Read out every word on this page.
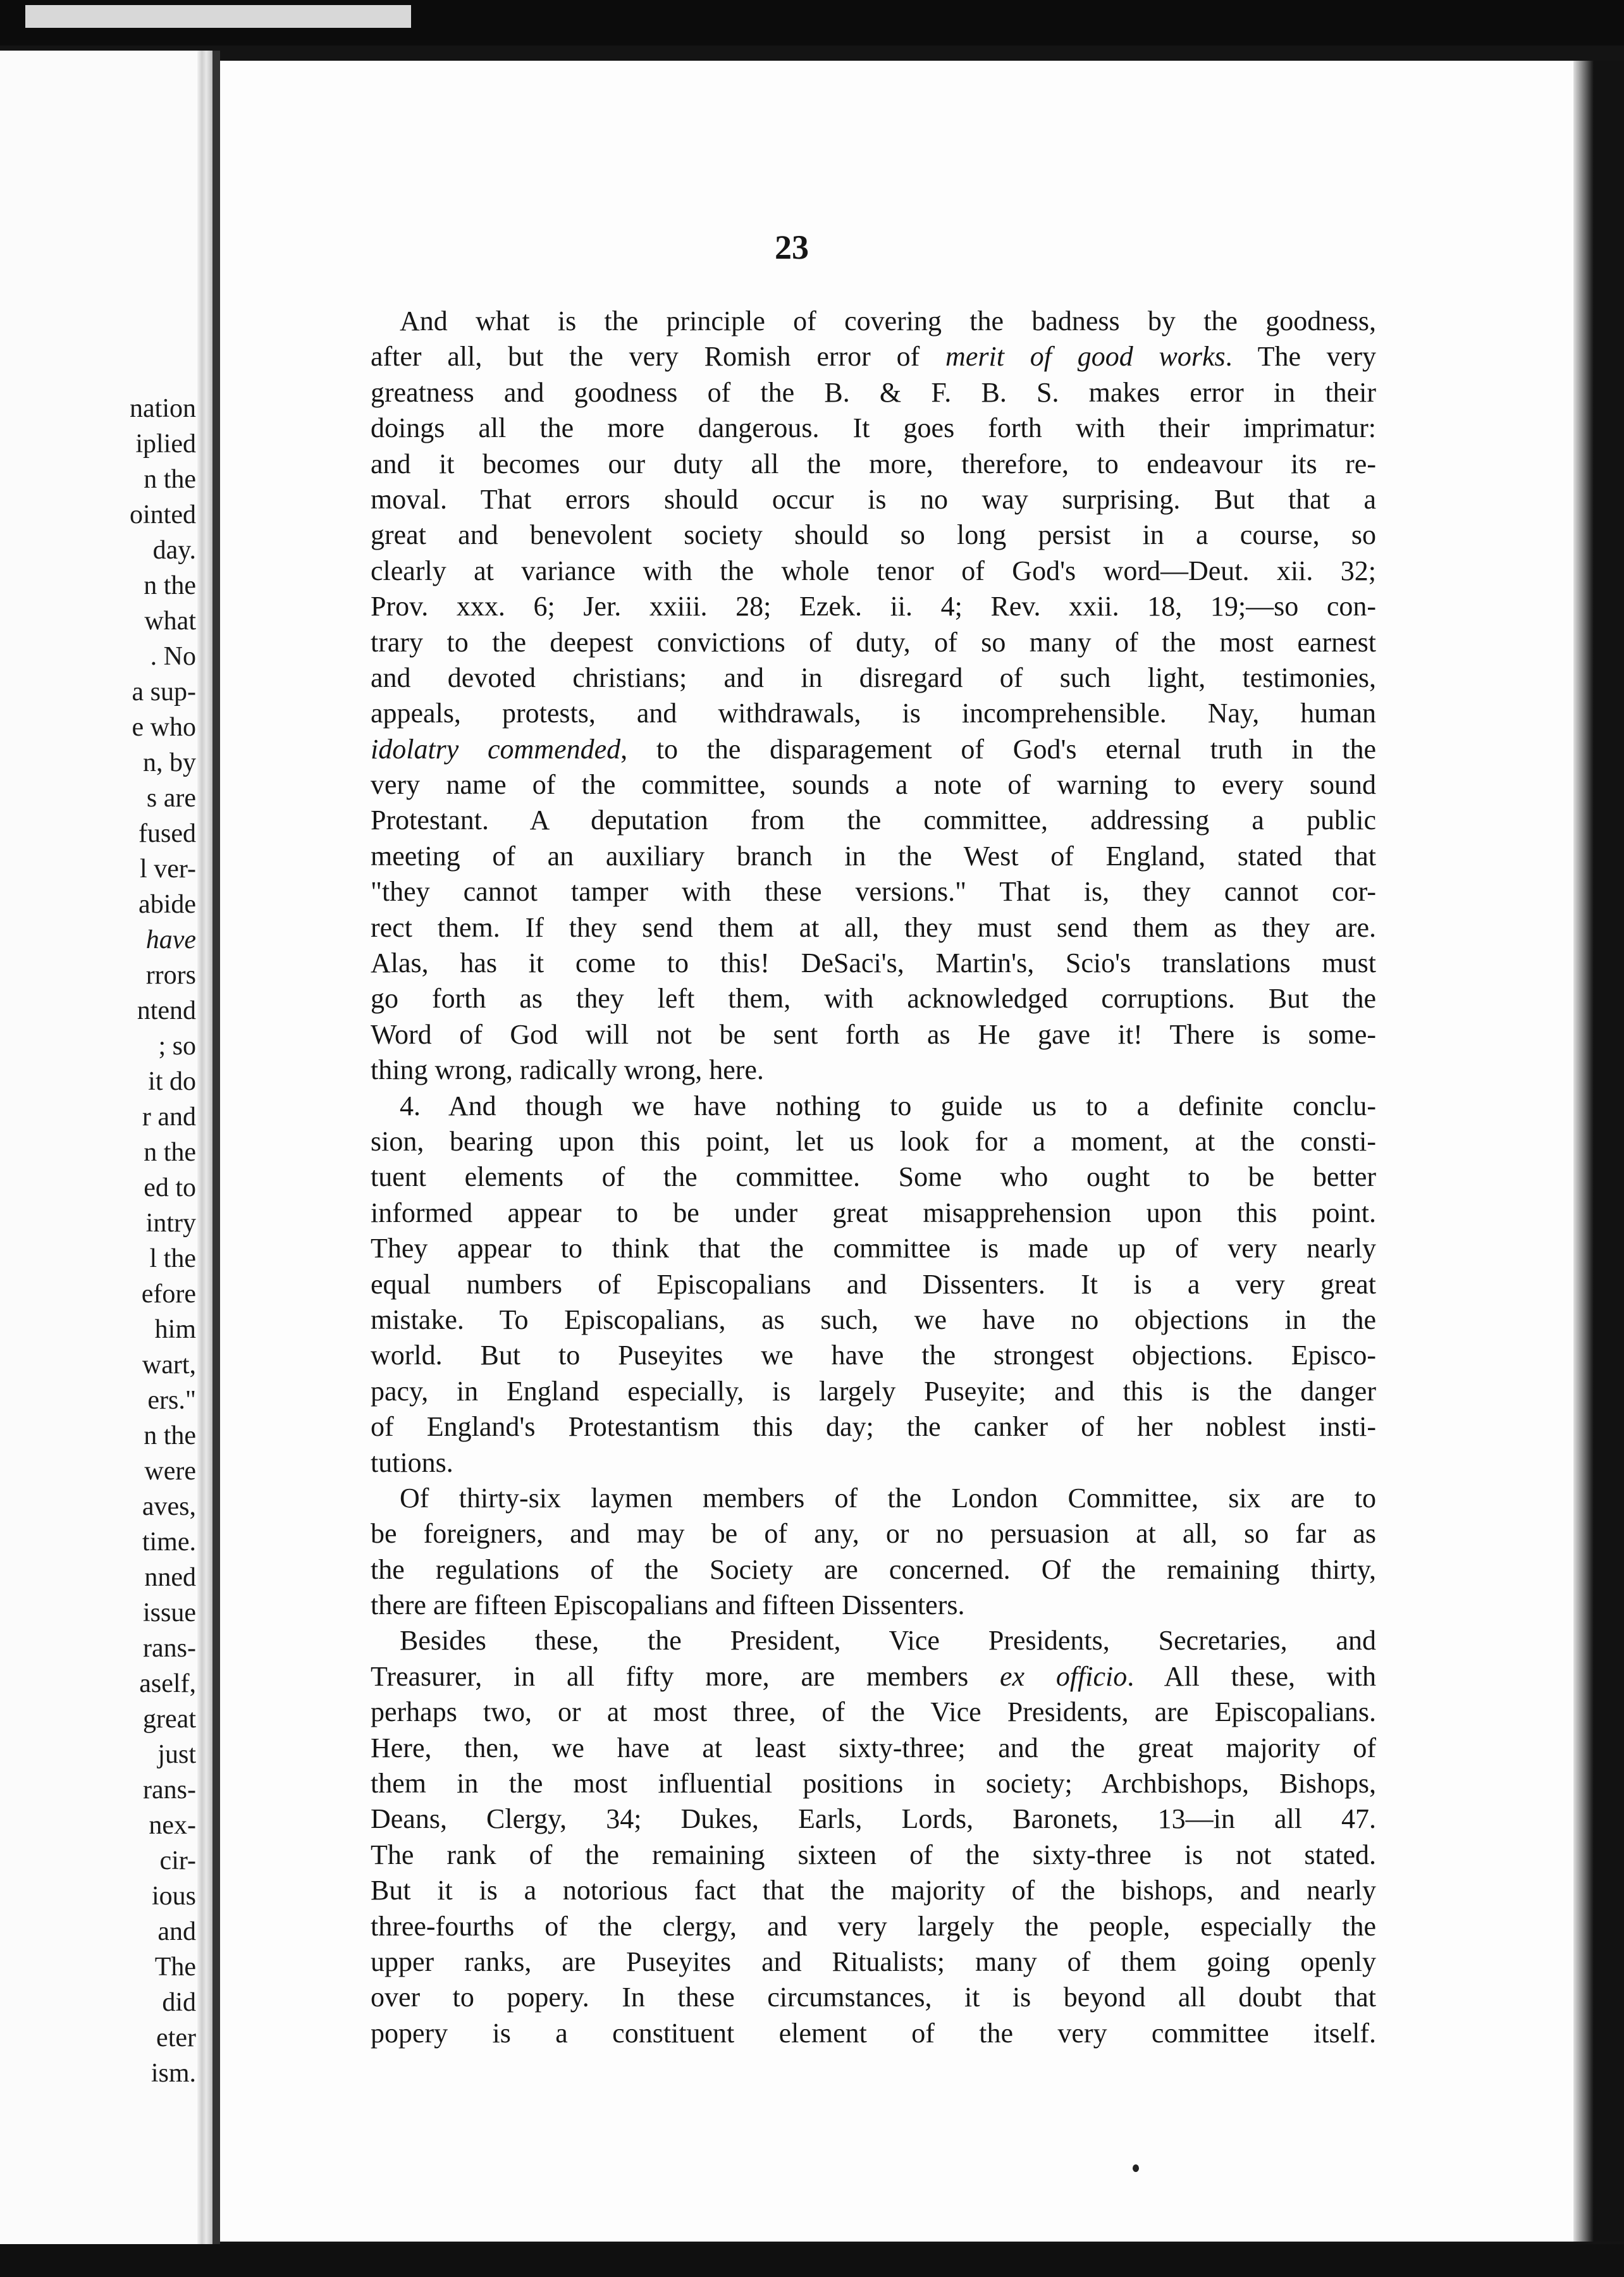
nation
iplied
n the
ointed
day.
n the
what
. No
a sup-
e who
n, by
s are
fused
l ver-
abide
have
rrors
ntend
; so
it do
r and
n the
ed to
intry
l the
efore
him
wart,
ers."
n the
were
aves,
time.
nned
issue
rans-
aself,
great
just
rans-
nex-
cir-
ious
and
The
did
eter
ism.
23
And what is the principle of covering the badness by the goodness,
after all, but the very Romish error of merit of good works. The very
greatness and goodness of the B. & F. B. S. makes error in their
doings all the more dangerous. It goes forth with their imprimatur:
and it becomes our duty all the more, therefore, to endeavour its re-
moval. That errors should occur is no way surprising. But that a
great and benevolent society should so long persist in a course, so
clearly at variance with the whole tenor of God's word—Deut. xii. 32;
Prov. xxx. 6; Jer. xxiii. 28; Ezek. ii. 4; Rev. xxii. 18, 19;—so con-
trary to the deepest convictions of duty, of so many of the most earnest
and devoted christians; and in disregard of such light, testimonies,
appeals, protests, and withdrawals, is incomprehensible. Nay, human
idolatry commended, to the disparagement of God's eternal truth in the
very name of the committee, sounds a note of warning to every sound
Protestant. A deputation from the committee, addressing a public
meeting of an auxiliary branch in the West of England, stated that
"they cannot tamper with these versions." That is, they cannot cor-
rect them. If they send them at all, they must send them as they are.
Alas, has it come to this! DeSaci's, Martin's, Scio's translations must
go forth as they left them, with acknowledged corruptions. But the
Word of God will not be sent forth as He gave it! There is some-
thing wrong, radically wrong, here.
4. And though we have nothing to guide us to a definite conclu-
sion, bearing upon this point, let us look for a moment, at the consti-
tuent elements of the committee. Some who ought to be better
informed appear to be under great misapprehension upon this point.
They appear to think that the committee is made up of very nearly
equal numbers of Episcopalians and Dissenters. It is a very great
mistake. To Episcopalians, as such, we have no objections in the
world. But to Puseyites we have the strongest objections. Episco-
pacy, in England especially, is largely Puseyite; and this is the danger
of England's Protestantism this day; the canker of her noblest insti-
tutions.
Of thirty-six laymen members of the London Committee, six are to
be foreigners, and may be of any, or no persuasion at all, so far as
the regulations of the Society are concerned. Of the remaining thirty,
there are fifteen Episcopalians and fifteen Dissenters.
Besides these, the President, Vice Presidents, Secretaries, and
Treasurer, in all fifty more, are members ex officio. All these, with
perhaps two, or at most three, of the Vice Presidents, are Episcopalians.
Here, then, we have at least sixty-three; and the great majority of
them in the most influential positions in society; Archbishops, Bishops,
Deans, Clergy, 34; Dukes, Earls, Lords, Baronets, 13—in all 47.
The rank of the remaining sixteen of the sixty-three is not stated.
But it is a notorious fact that the majority of the bishops, and nearly
three-fourths of the clergy, and very largely the people, especially the
upper ranks, are Puseyites and Ritualists; many of them going openly
over to popery. In these circumstances, it is beyond all doubt that
popery is a constituent element of the very committee itself.
